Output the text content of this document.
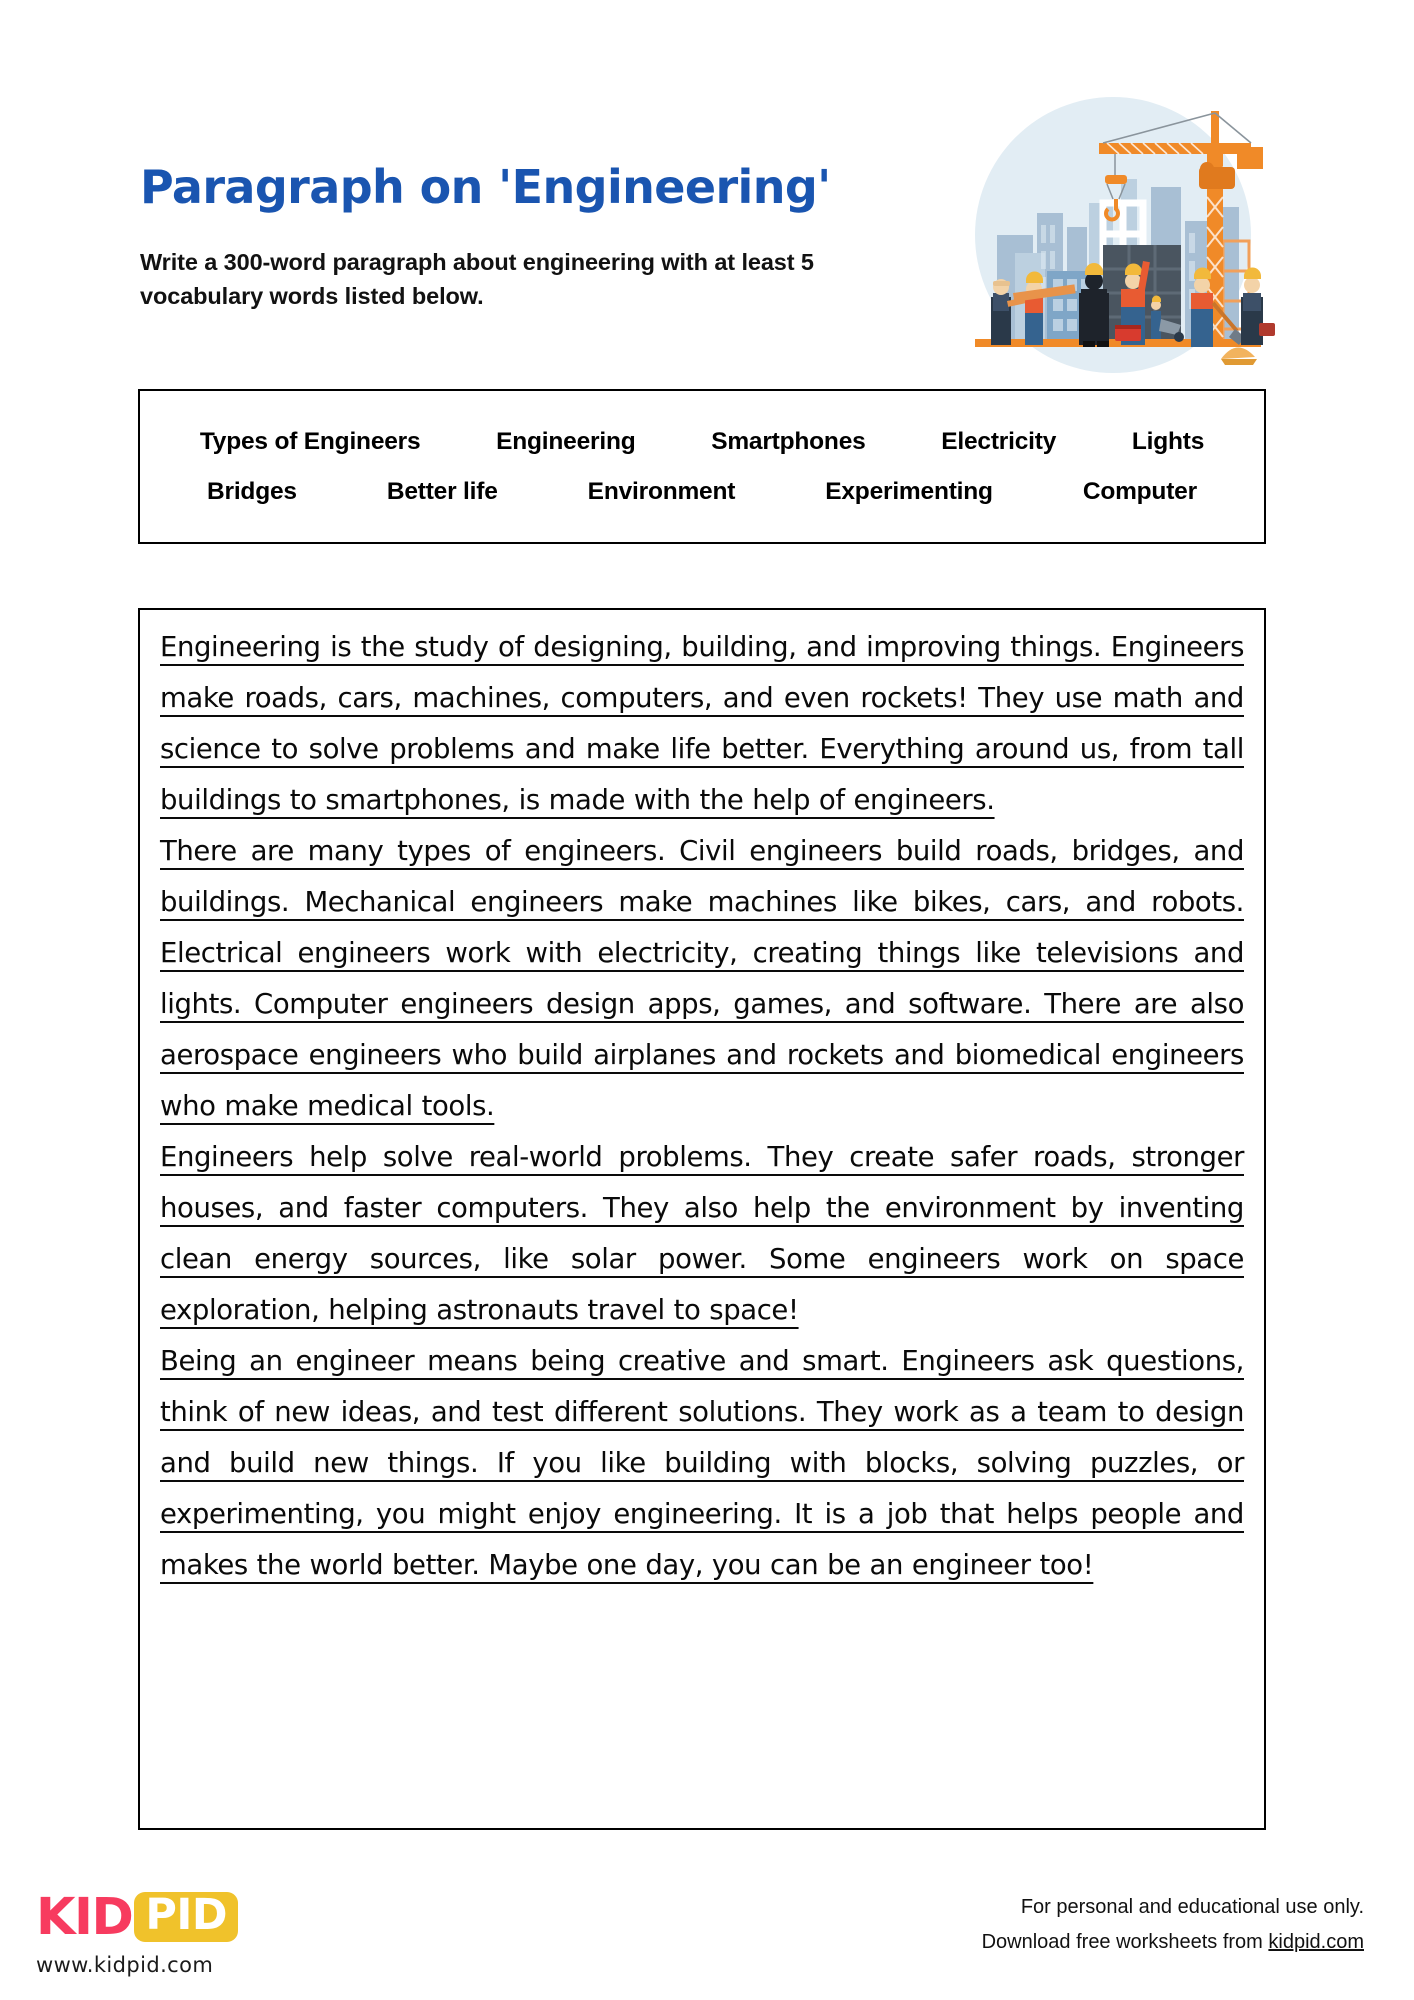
Paragraph on 'Engineering'
Write a 300-word paragraph about engineering with at least 5 vocabulary words listed below.
Types of Engineers	Engineering	Smartphones	Electricity	Lights
Bridges	Better life	Environment	Experimenting	Computer

Engineering is the study of designing, building, and improving things. Engineers make roads, cars, machines, computers, and even rockets! They use math and science to solve problems and make life better. Everything around us, from tall buildings to smartphones, is made with the help of engineers.

There are many types of engineers. Civil engineers build roads, bridges, and buildings. Mechanical engineers make machines like bikes, cars, and robots. Electrical engineers work with electricity, creating things like televisions and lights. Computer engineers design apps, games, and software. There are also aerospace engineers who build airplanes and rockets and biomedical engineers who make medical tools.

Engineers help solve real-world problems. They create safer roads, stronger houses, and faster computers. They also help the environment by inventing clean energy sources, like solar power. Some engineers work on space exploration, helping astronauts travel to space!

Being an engineer means being creative and smart. Engineers ask questions, think of new ideas, and test different solutions. They work as a team to design and build new things. If you like building with blocks, solving puzzles, or experimenting, you might enjoy engineering. It is a job that helps people and makes the world better. Maybe one day, you can be an engineer too!

KID PID
www.kidpid.com
For personal and educational use only.
Download free worksheets from kidpid.com
